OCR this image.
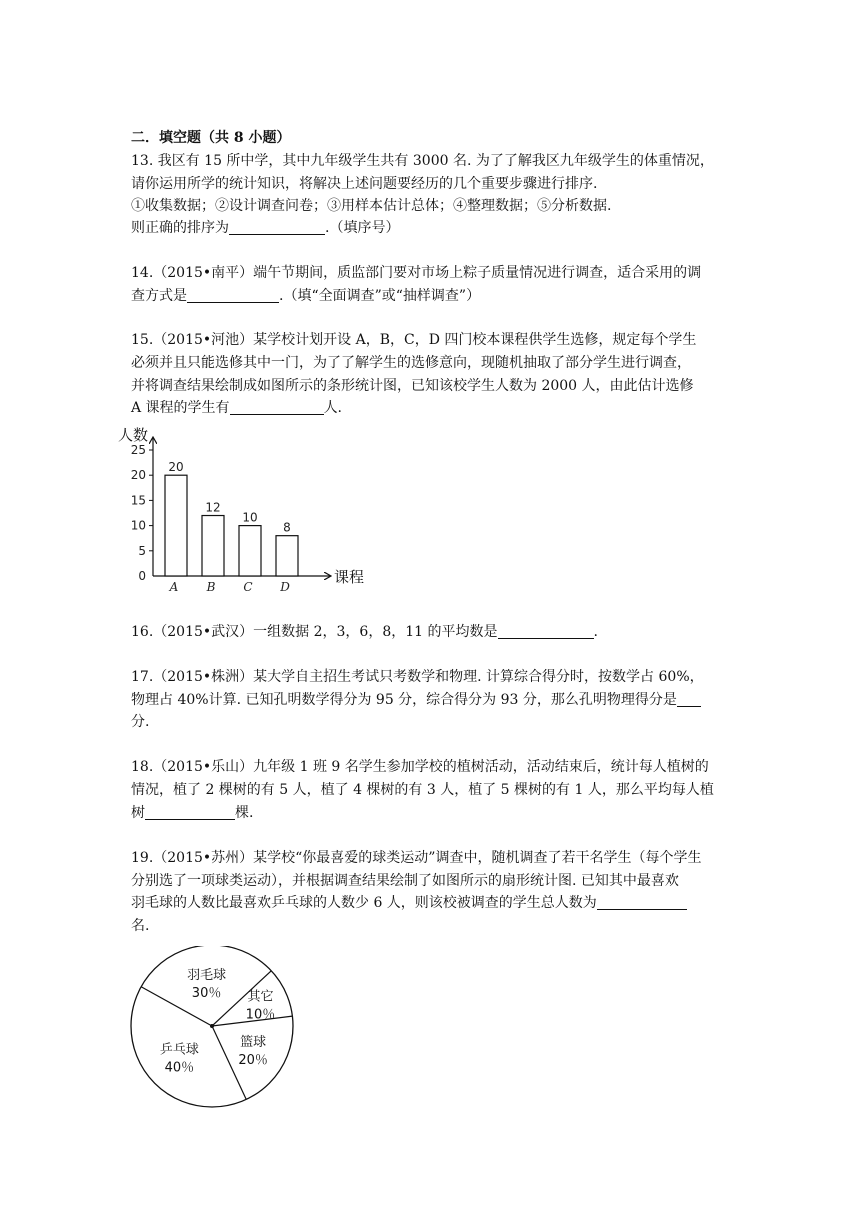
二．填空题（共 8 小题）
13. 我区有 15 所中学，其中九年级学生共有 3000 名. 为了了解我区九年级学生的体重情况，
请你运用所学的统计知识，将解决上述问题要经历的几个重要步骤进行排序.
①收集数据；②设计调查问卷；③用样本估计总体；④整理数据；⑤分析数据.
则正确的排序为	.（填序号）
14.（2015•南平）端午节期间，质监部门要对市场上粽子质量情况进行调查，适合采用的调
查方式是	.（填“全面调查”或“抽样调查”）
15.（2015•河池）某学校计划开设 A，B，C，D 四门校本课程供学生选修，规定每个学生
必须并且只能选修其中一门，为了了解学生的选修意向，现随机抽取了部分学生进行调查，
并将调查结果绘制成如图所示的条形统计图，已知该校学生人数为 2000 人，由此估计选修
A 课程的学生有	人.
人数
课程
0
5
10
15
20
25
20
A
12
B
10
C
8
D
16.（2015•武汉）一组数据 2，3，6，8，11 的平均数是	.
17.（2015•株洲）某大学自主招生考试只考数学和物理. 计算综合得分时，按数学占 60%，
物理占 40%计算. 已知孔明数学得分为 95 分，综合得分为 93 分，那么孔明物理得分是
分.
18.（2015•乐山）九年级 1 班 9 名学生参加学校的植树活动，活动结束后，统计每人植树的
情况，植了 2 棵树的有 5 人，植了 4 棵树的有 3 人，植了 5 棵树的有 1 人，那么平均每人植
树	棵.
19.（2015•苏州）某学校“你最喜爱的球类运动”调查中，随机调查了若干名学生（每个学生
分别选了一项球类运动），并根据调查结果绘制了如图所示的扇形统计图. 已知其中最喜欢
羽毛球的人数比最喜欢乒乓球的人数少 6 人，则该校被调查的学生总人数为
名.
羽毛球
30％ 其它
10％
篮球
20％
乒乓球
40％
